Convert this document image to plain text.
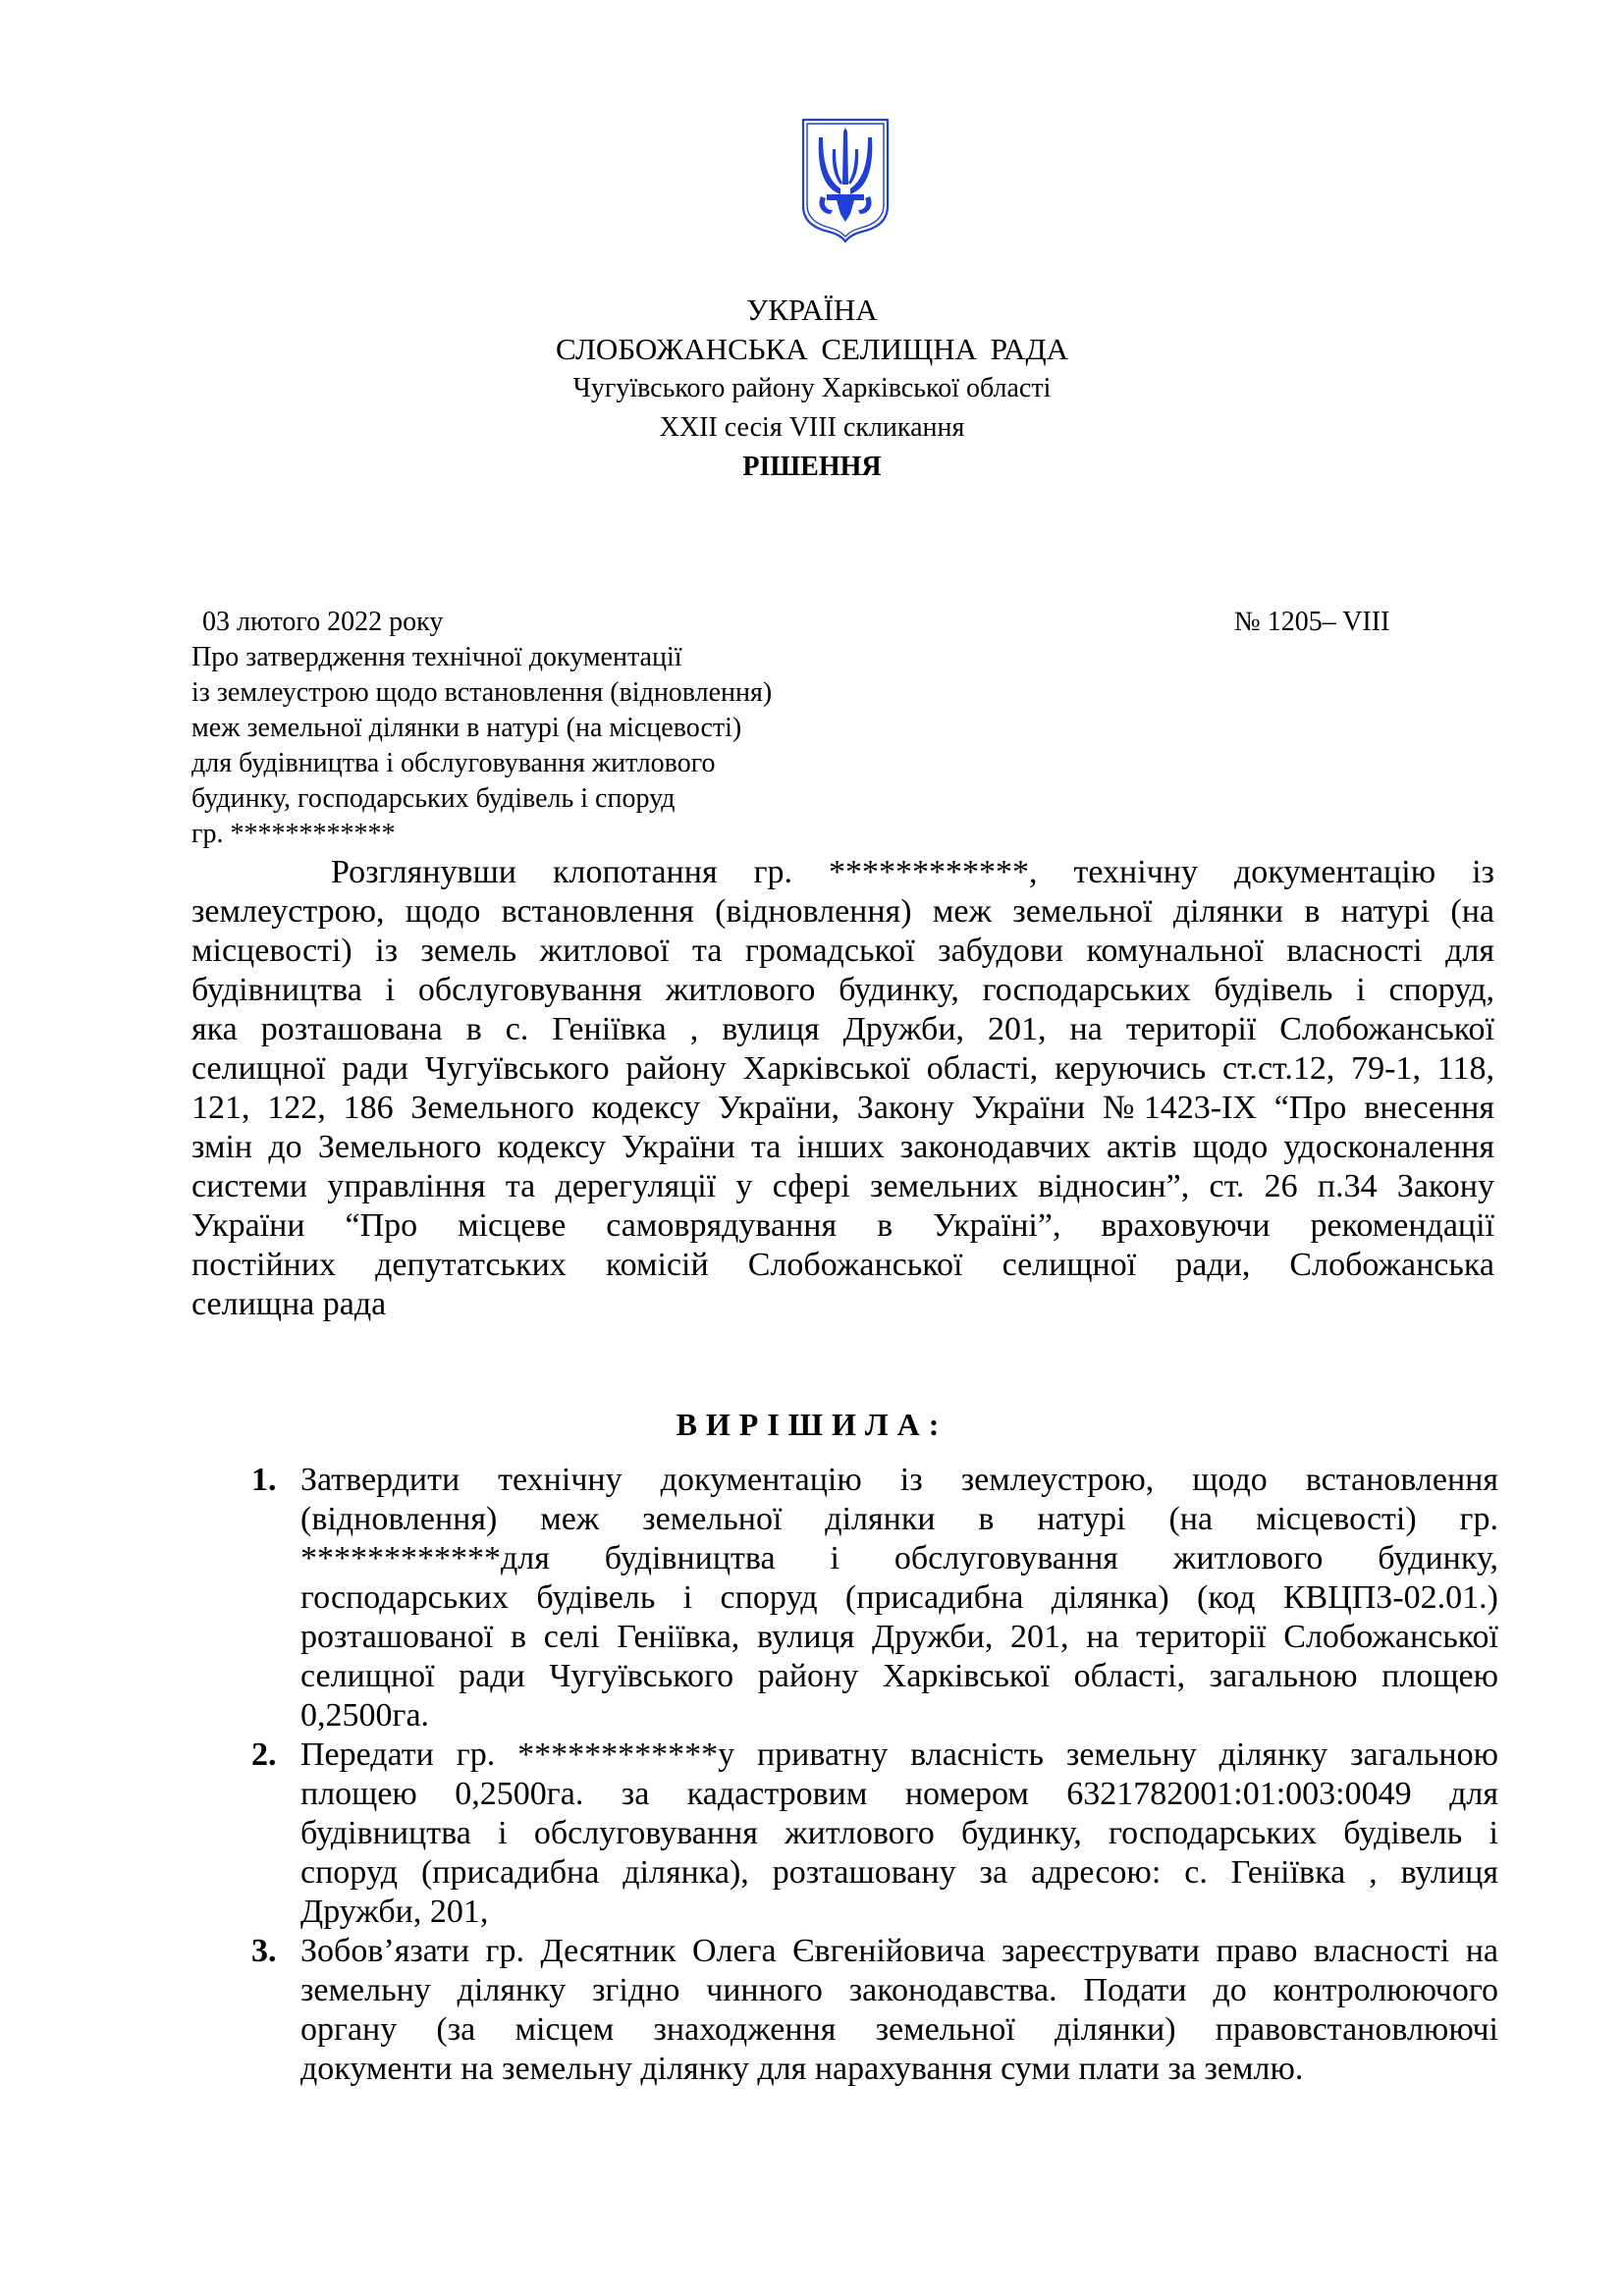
УКРАЇНА
СЛОБОЖАНСЬКА СЕЛИЩНА РАДА
Чугуївського району Харківської області
XXII сесія VIII скликання
РІШЕННЯ
03 лютого 2022 року	№ 1205– VIII
Про затвердження технічної документації
із землеустрою щодо встановлення (відновлення)
меж земельної ділянки в натурі (на місцевості)
для будівництва і обслуговування житлового
будинку, господарських будівель і споруд
гр. ************
Розглянувши клопотання гр. ************, технічну документацію із
землеустрою, щодо встановлення (відновлення) меж земельної ділянки в натурі (на
місцевості) із земель житлової та громадської забудови комунальної власності для
будівництва і обслуговування житлового будинку, господарських будівель і споруд,
яка розташована в с. Геніївка , вулиця Дружби, 201, на території Слобожанської
селищної ради Чугуївського району Харківської області, керуючись ст.ст.12, 79-1, 118,
121, 122, 186 Земельного кодексу України, Закону України №1423-IX “Про внесення
змін до Земельного кодексу України та інших законодавчих актів щодо удосконалення
системи управління та дерегуляції у сфері земельних відносин”, ст. 26 п.34 Закону
України “Про місцеве самоврядування в Україні”, враховуючи рекомендації
постійних депутатських комісій Слобожанської селищної ради, Слобожанська
селищна рада
ВИРІШИЛА:
1. Затвердити технічну документацію із землеустрою, щодо встановлення
(відновлення) меж земельної ділянки в натурі (на місцевості) гр.
************для будівництва і обслуговування житлового будинку,
господарських будівель і споруд (присадибна ділянка) (код КВЦПЗ-02.01.)
розташованої в селі Геніївка, вулиця Дружби, 201, на території Слобожанської
селищної ради Чугуївського району Харківської області, загальною площею
0,2500га.
2. Передати гр. ************у приватну власність земельну ділянку загальною
площею 0,2500га. за кадастровим номером 6321782001:01:003:0049 для
будівництва і обслуговування житлового будинку, господарських будівель і
споруд (присадибна ділянка), розташовану за адресою: с. Геніївка , вулиця
Дружби, 201,
3. Зобов’язати гр. Десятник Олега Євгенійовича зареєструвати право власності на
земельну ділянку згідно чинного законодавства. Подати до контролюючого
органу (за місцем знаходження земельної ділянки) правовстановлюючі
документи на земельну ділянку для нарахування суми плати за землю.
